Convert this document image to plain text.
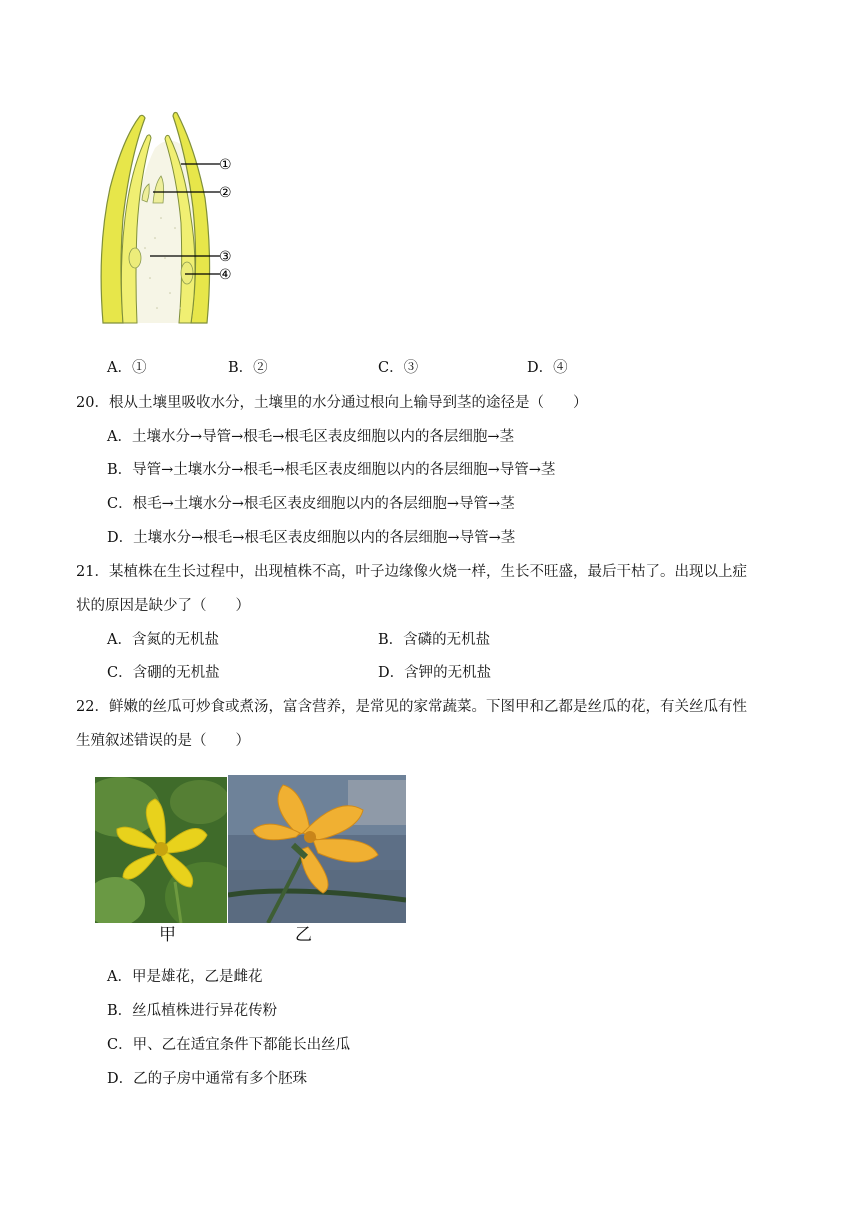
①
②
③
④
A．①	B．②	C．③	D．④
20．根从土壤里吸收水分，土壤里的水分通过根向上输导到茎的途径是（　　）
A．土壤水分→导管→根毛→根毛区表皮细胞以内的各层细胞→茎
B．导管→土壤水分→根毛→根毛区表皮细胞以内的各层细胞→导管→茎
C．根毛→土壤水分→根毛区表皮细胞以内的各层细胞→导管→茎
D．土壤水分→根毛→根毛区表皮细胞以内的各层细胞→导管→茎
21．某植株在生长过程中，出现植株不高，叶子边缘像火烧一样，生长不旺盛，最后干枯了。出现以上症
状的原因是缺少了（　　）
A．含氮的无机盐	B．含磷的无机盐
C．含硼的无机盐	D．含钾的无机盐
22．鲜嫩的丝瓜可炒食或煮汤，富含营养，是常见的家常蔬菜。下图甲和乙都是丝瓜的花，有关丝瓜有性
生殖叙述错误的是（　　）
甲	乙
A．甲是雄花，乙是雌花
B．丝瓜植株进行异花传粉
C．甲、乙在适宜条件下都能长出丝瓜
D．乙的子房中通常有多个胚珠
